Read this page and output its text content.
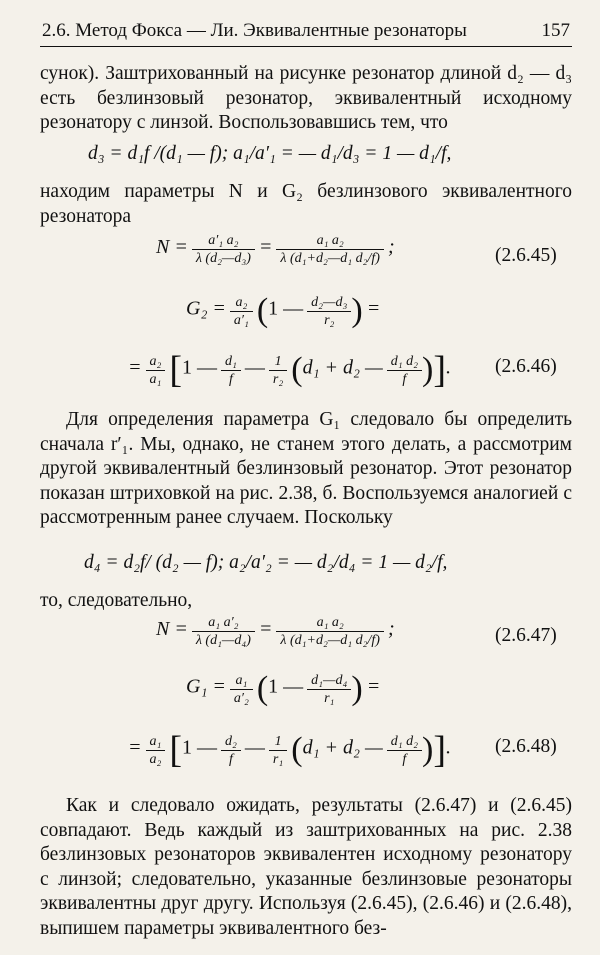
2.6. Метод Фокса — Ли. Эквивалентные резонаторы	157

сунок). Заштрихованный на рисунке резонатор длиной d₂ — d₃ есть безлинзовый резонатор, эквивалентный исходному резонатору с линзой. Воспользовавшись тем, что

d₃ = d₁f /(d₁ — f); a₁/a′₁ = — d₁/d₃ = 1 — d₁/f,

находим параметры N и G₂ безлинзового эквивалентного резонатора

$N = \frac{\text{a′₁ a₂}}{\text{λ (d₂—d₃)}} = \frac{\text{a₁ a₂}}{\text{λ (d₁+d₂—d₁ d₂/f)}}$ ;	(2.6.45)
$G_2 = \frac{\text{a₂}}{\text{a′₁}} (1$ — $\frac{\text{d₂—d₃}}{\text{r₂}}$ ) =
= $\frac{\text{a₂}}{\text{a₁}} [1$ — $\frac{\text{d₁}}{f}$ — $\frac{1}{\text{r₂}} (d_1 + d_2$ — $\frac{\text{d₁ d₂}}{f}$ )]. (2.6.46)

Для определения параметра G₁ следовало бы определить сначала r′₁. Мы, однако, не станем этого делать, а рассмотрим другой эквивалентный безлинзовый резонатор. Этот резонатор показан штриховкой на рис. 2.38, б. Воспользуемся аналогией с рассмотренным ранее случаем. Поскольку

d₄ = d₂f/ (d₂ — f); a₂/a′₂ = — d₂/d₄ = 1 — d₂/f,

то, следовательно,

$N = \frac{\text{a₁ a′₂}}{\text{λ (d₁—d₄)}} = \frac{\text{a₁ a₂}}{\text{λ (d₁+d₂—d₁ d₂/f)}}$ ;	(2.6.47)
$G_1 = \frac{\text{a₁}}{\text{a′₂}} (1$ — $\frac{\text{d₁—d₄}}{\text{r₁}}$ ) =
= $\frac{\text{a₁}}{\text{a₂}} [1$ — $\frac{\text{d₂}}{f}$ — $\frac{1}{\text{r₁}} (d_1 + d_2$ — $\frac{\text{d₁ d₂}}{f}$ )]. (2.6.48)

Как и следовало ожидать, результаты (2.6.47) и (2.6.45) совпадают. Ведь каждый из заштрихованных на рис. 2.38 безлинзовых резонаторов эквивалентен исходному резонатору с линзой; следовательно, указанные безлинзовые резонаторы эквивалентны друг другу. Используя (2.6.45), (2.6.46) и (2.6.48), выпишем параметры эквивалентного без-
